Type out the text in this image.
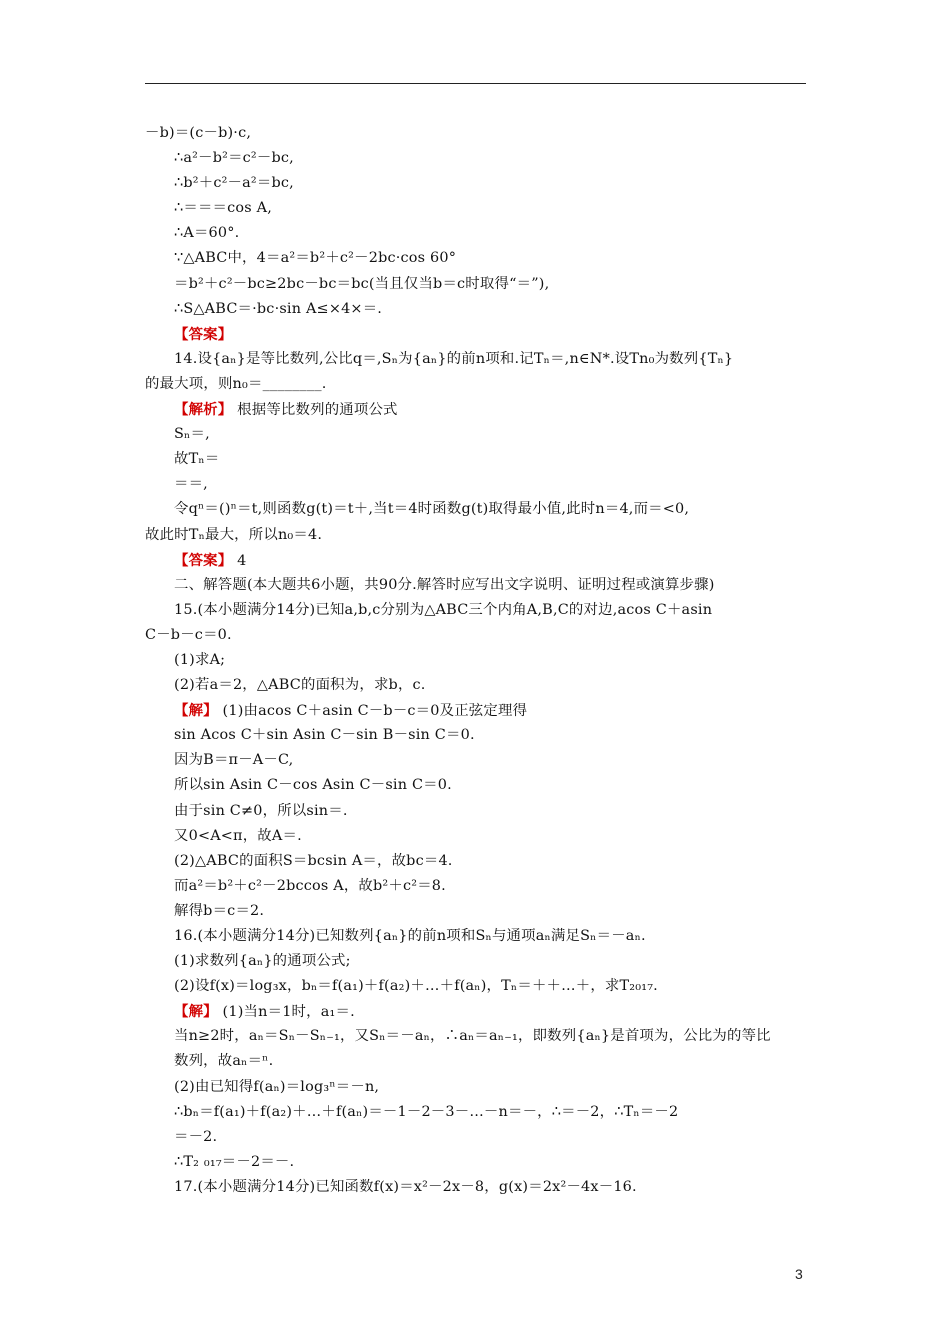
－b)＝(c－b)·c,
∴a²－b²＝c²－bc,
∴b²＋c²－a²＝bc,
∴＝＝＝cos A,
∴A＝60°.
∵△ABC中，4＝a²＝b²＋c²－2bc·cos 60°
＝b²＋c²－bc≥2bc－bc＝bc(当且仅当b＝c时取得“＝”),
∴S△ABC＝·bc·sin A≤×4×＝.
【答案】
14.设{aₙ}是等比数列,公比q＝,Sₙ为{aₙ}的前n项和.记Tₙ＝,n∈N*.设Tn₀为数列{Tₙ}
的最大项，则n₀＝________.
【解析】 根据等比数列的通项公式
Sₙ＝,
故Tₙ＝
＝＝,
令qⁿ＝()ⁿ＝t,则函数g(t)＝t＋,当t＝4时函数g(t)取得最小值,此时n＝4,而＝<0,
故此时Tₙ最大，所以n₀＝4.
【答案】 4
二、解答题(本大题共6小题，共90分.解答时应写出文字说明、证明过程或演算步骤)
15.(本小题满分14分)已知a,b,c分别为△ABC三个内角A,B,C的对边,acos C＋asin
C－b－c＝0.
(1)求A;
(2)若a＝2，△ABC的面积为，求b，c.
【解】 (1)由acos C＋asin C－b－c＝0及正弦定理得
sin Acos C＋sin Asin C－sin B－sin C＝0.
因为B＝π－A－C,
所以sin Asin C－cos Asin C－sin C＝0.
由于sin C≠0，所以sin＝.
又0<A<π，故A＝.
(2)△ABC的面积S＝bcsin A＝，故bc＝4.
而a²＝b²＋c²－2bccos A，故b²＋c²＝8.
解得b＝c＝2.
16.(本小题满分14分)已知数列{aₙ}的前n项和Sₙ与通项aₙ满足Sₙ＝－aₙ.
(1)求数列{aₙ}的通项公式;
(2)设f(x)＝log₃x，bₙ＝f(a₁)＋f(a₂)＋…＋f(aₙ)，Tₙ＝＋＋…＋，求T₂₀₁₇.
【解】 (1)当n＝1时，a₁＝.
当n≥2时，aₙ＝Sₙ－Sₙ₋₁，又Sₙ＝－aₙ，∴aₙ＝aₙ₋₁，即数列{aₙ}是首项为，公比为的等比
数列，故aₙ＝ⁿ.
(2)由已知得f(aₙ)＝log₃ⁿ＝－n,
∴bₙ＝f(a₁)＋f(a₂)＋…＋f(aₙ)＝－1－2－3－…－n＝－，∴＝－2，∴Tₙ＝－2
＝－2.
∴T₂ ₀₁₇＝－2＝－.
17.(本小题满分14分)已知函数f(x)＝x²－2x－8，g(x)＝2x²－4x－16.
3
